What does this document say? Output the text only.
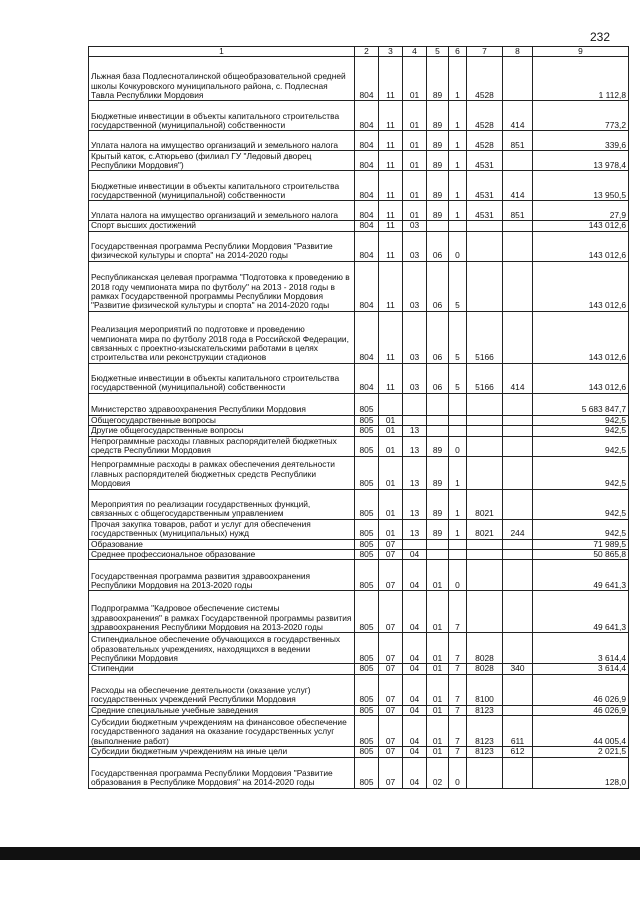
232
1	2	3	4	5	6	7	8	9
Льжная база Подлесноталинской общеобразовательной средней школы Кочкуровского муниципального района, с. Подлесная Тавла Республики Мордовия	804	11	01	89	1	4528		1 112,8
Бюджетные инвестиции в объекты капитального строительства государственной (муниципальной) собственности	804	11	01	89	1	4528	414	773,2
Уплата налога на имущество организаций и земельного налога	804	11	01	89	1	4528	851	339,6
Крытый каток, с.Атюрьево (филиал ГУ "Ледовый дворец Республики Мордовия")	804	11	01	89	1	4531		13 978,4
Бюджетные инвестиции в объекты капитального строительства государственной (муниципальной) собственности	804	11	01	89	1	4531	414	13 950,5
Уплата налога на имущество организаций и земельного налога	804	11	01	89	1	4531	851	27,9
Спорт высших достижений	804	11	03					143 012,6
Государственная программа Республики Мордовия "Развитие физической культуры и спорта" на 2014-2020 годы	804	11	03	06	0			143 012,6
Республиканская целевая программа "Подготовка к проведению в 2018 году чемпионата мира по футболу" на 2013 - 2018 годы в рамках Государственной программы Республики Мордовия "Развитие физической культуры и спорта" на 2014-2020 годы	804	11	03	06	5			143 012,6
Реализация мероприятий по подготовке и проведению чемпионата мира по футболу 2018 года в Российской Федерации, связанных с проектно-изыскательскими работами в целях строительства или реконструкции стадионов	804	11	03	06	5	5166		143 012,6
Бюджетные инвестиции в объекты капитального строительства государственной (муниципальной) собственности	804	11	03	06	5	5166	414	143 012,6
Министерство здравоохранения Республики Мордовия	805							5 683 847,7
Общегосударственные вопросы	805	01						942,5
Другие общегосударственные вопросы	805	01	13					942,5
Непрограммные расходы главных распорядителей бюджетных средств Республики Мордовия	805	01	13	89	0			942,5
Непрограммные расходы в рамках обеспечения деятельности главных распорядителей бюджетных средств Республики Мордовия	805	01	13	89	1			942,5
Мероприятия по реализации государственных функций, связанных с общегосударственным управлением	805	01	13	89	1	8021		942,5
Прочая закупка товаров, работ и услуг для обеспечения государственных (муниципальных) нужд	805	01	13	89	1	8021	244	942,5
Образование	805	07						71 989,5
Среднее профессиональное образование	805	07	04					50 865,8
Государственная программа развития здравоохранения Республики Мордовия на 2013-2020 годы	805	07	04	01	0			49 641,3
Подпрограмма "Кадровое обеспечение системы здравоохранения" в рамках Государственной программы развития здравоохранения Республики Мордовия на 2013-2020 годы	805	07	04	01	7			49 641,3
Стипендиальное обеспечение обучающихся в государственных образовательных учреждениях, находящихся в ведении Республики Мордовия	805	07	04	01	7	8028		3 614,4
Стипендии	805	07	04	01	7	8028	340	3 614,4
Расходы на обеспечение деятельности (оказание услуг) государственных учреждений Республики Мордовия	805	07	04	01	7	8100		46 026,9
Средние специальные учебные заведения	805	07	04	01	7	8123		46 026,9
Субсидии бюджетным учреждениям на финансовое обеспечение государственного задания на оказание государственных услуг (выполнение работ)	805	07	04	01	7	8123	611	44 005,4
Субсидии бюджетным учреждениям на иные цели	805	07	04	01	7	8123	612	2 021,5
Государственная программа Республики Мордовия "Развитие образования в Республике Мордовия" на 2014-2020 годы	805	07	04	02	0			128,0
